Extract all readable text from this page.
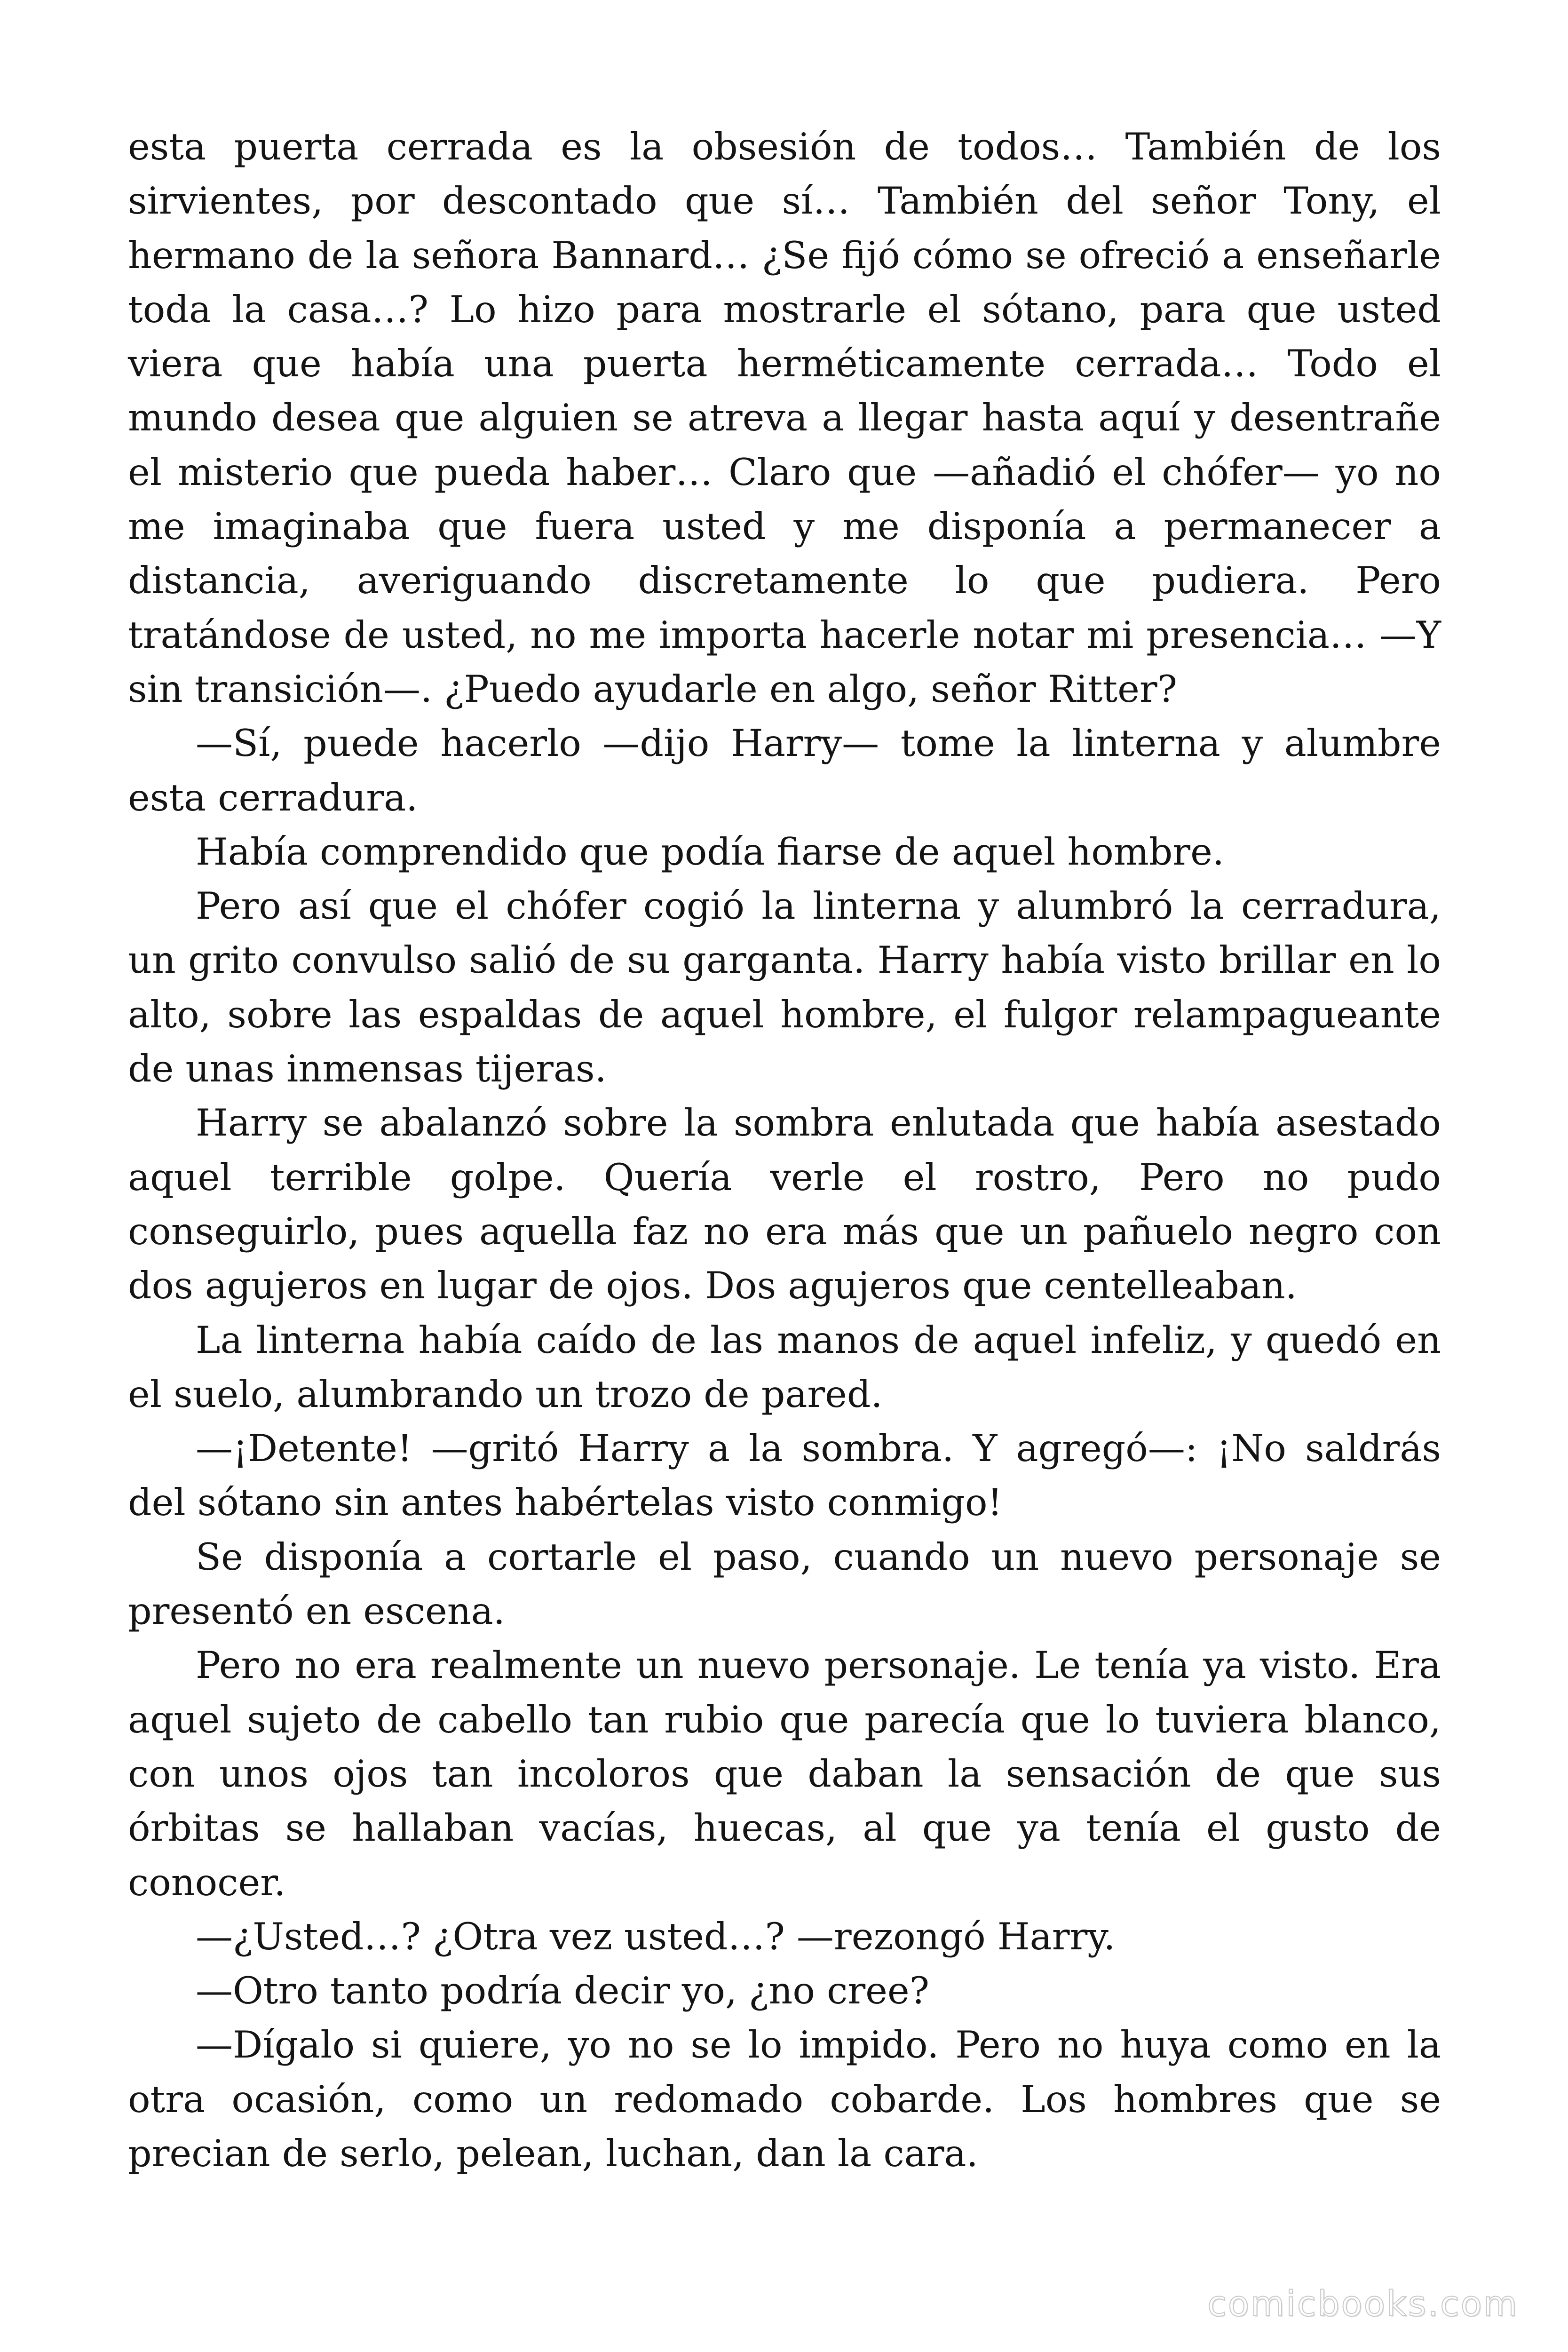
esta puerta cerrada es la obsesión de todos… También de los sirvientes, por descontado que sí… También del señor Tony, el hermano de la señora Bannard… ¿Se fijó cómo se ofreció a enseñarle toda la casa…? Lo hizo para mostrarle el sótano, para que usted viera que había una puerta herméticamente cerrada… Todo el mundo desea que alguien se atreva a llegar hasta aquí y desentrañe el misterio que pueda haber… Claro que —añadió el chófer— yo no me imaginaba que fuera usted y me disponía a permanecer a distancia, averiguando discretamente lo que pudiera. Pero tratándose de usted, no me importa hacerle notar mi presencia… —Y sin transición—. ¿Puedo ayudarle en algo, señor Ritter?

—Sí, puede hacerlo —dijo Harry— tome la linterna y alumbre esta cerradura.

Había comprendido que podía fiarse de aquel hombre.

Pero así que el chófer cogió la linterna y alumbró la cerradura, un grito convulso salió de su garganta. Harry había visto brillar en lo alto, sobre las espaldas de aquel hombre, el fulgor relampagueante de unas inmensas tijeras.

Harry se abalanzó sobre la sombra enlutada que había asestado aquel terrible golpe. Quería verle el rostro, Pero no pudo conseguirlo, pues aquella faz no era más que un pañuelo negro con dos agujeros en lugar de ojos. Dos agujeros que centelleaban.

La linterna había caído de las manos de aquel infeliz, y quedó en el suelo, alumbrando un trozo de pared.

—¡Detente! —gritó Harry a la sombra. Y agregó—: ¡No saldrás del sótano sin antes habértelas visto conmigo!

Se disponía a cortarle el paso, cuando un nuevo personaje se presentó en escena.

Pero no era realmente un nuevo personaje. Le tenía ya visto. Era aquel sujeto de cabello tan rubio que parecía que lo tuviera blanco, con unos ojos tan incoloros que daban la sensación de que sus órbitas se hallaban vacías, huecas, al que ya tenía el gusto de conocer.

—¿Usted…? ¿Otra vez usted…? —rezongó Harry.

—Otro tanto podría decir yo, ¿no cree?

—Dígalo si quiere, yo no se lo impido. Pero no huya como en la otra ocasión, como un redomado cobarde. Los hombres que se precian de serlo, pelean, luchan, dan la cara.

comicbooks.com
